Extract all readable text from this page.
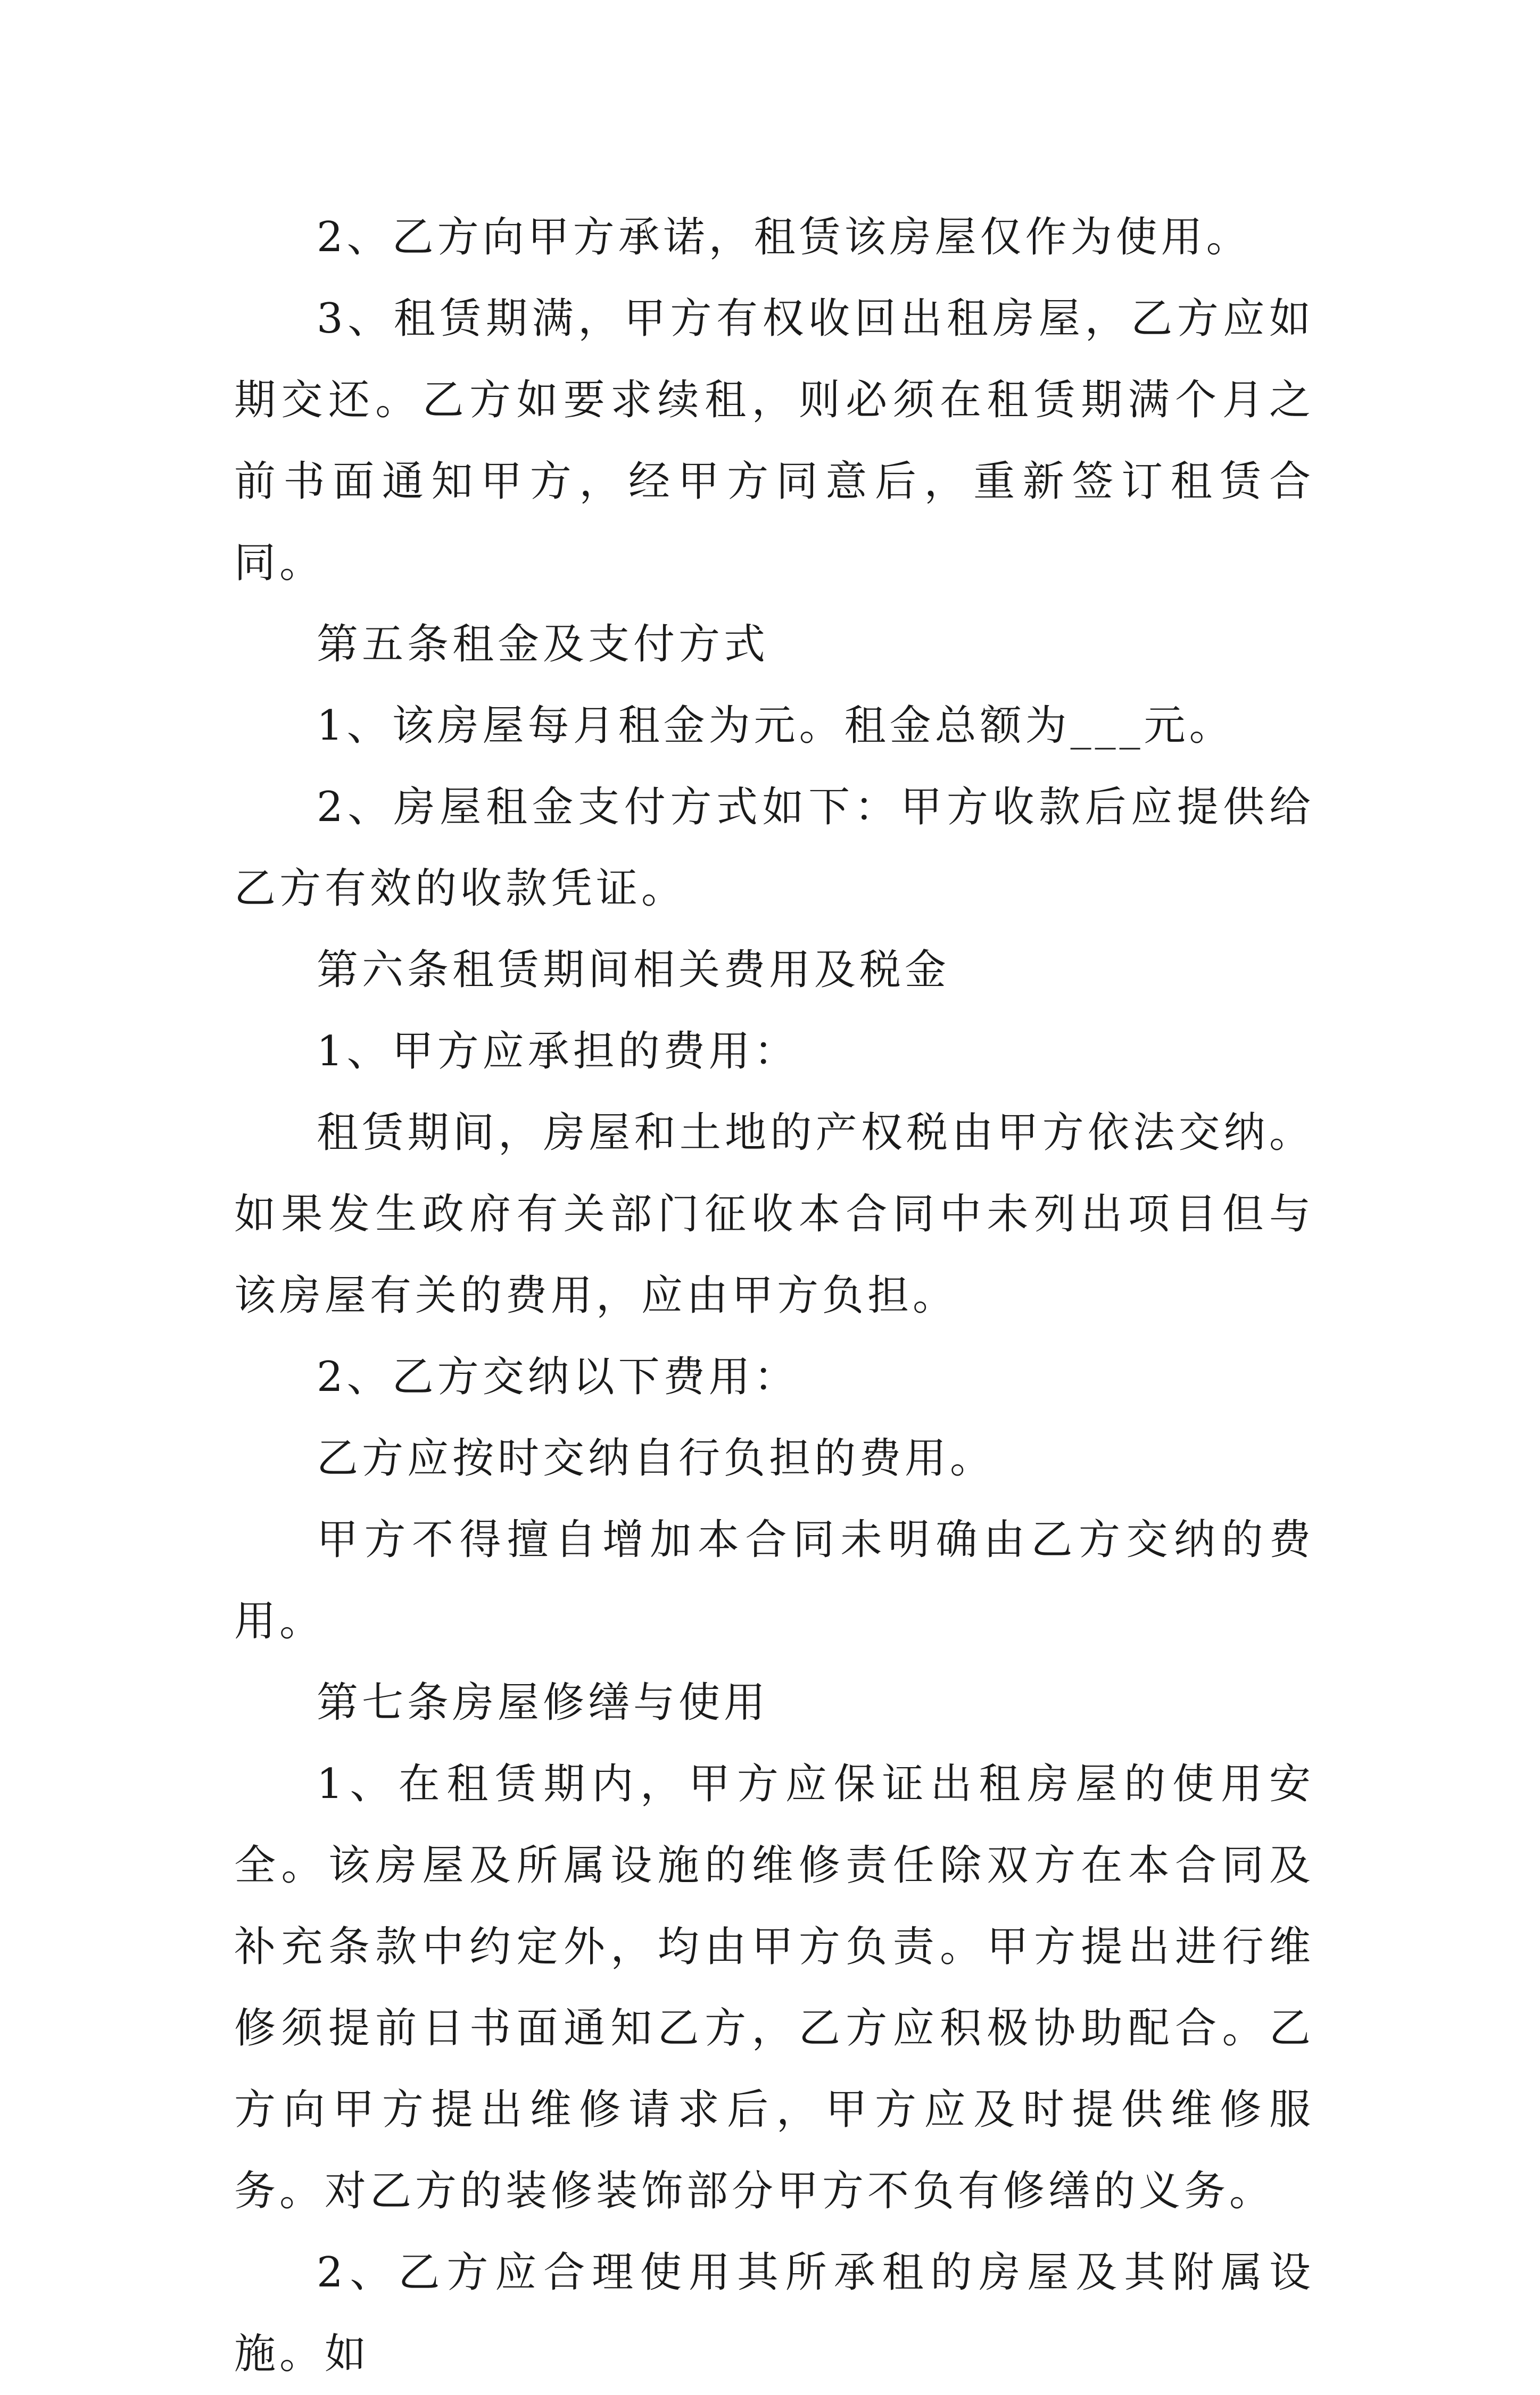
2、乙方向甲方承诺，租赁该房屋仅作为使用。

3、租赁期满，甲方有权收回出租房屋，乙方应如期交还。乙方如要求续租，则必须在租赁期满个月之前书面通知甲方，经甲方同意后，重新签订租赁合同。

第五条租金及支付方式

1、该房屋每月租金为元。租金总额为___元。

2、房屋租金支付方式如下：甲方收款后应提供给乙方有效的收款凭证。

第六条租赁期间相关费用及税金

1、甲方应承担的费用：

租赁期间，房屋和土地的产权税由甲方依法交纳。如果发生政府有关部门征收本合同中未列出项目但与该房屋有关的费用，应由甲方负担。

2、乙方交纳以下费用：

乙方应按时交纳自行负担的费用。

甲方不得擅自增加本合同未明确由乙方交纳的费用。

第七条房屋修缮与使用

1、在租赁期内，甲方应保证出租房屋的使用安全。该房屋及所属设施的维修责任除双方在本合同及补充条款中约定外，均由甲方负责。甲方提出进行维修须提前日书面通知乙方，乙方应积极协助配合。乙方向甲方提出维修请求后，甲方应及时提供维修服务。对乙方的装修装饰部分甲方不负有修缮的义务。

2、乙方应合理使用其所承租的房屋及其附属设施。如
